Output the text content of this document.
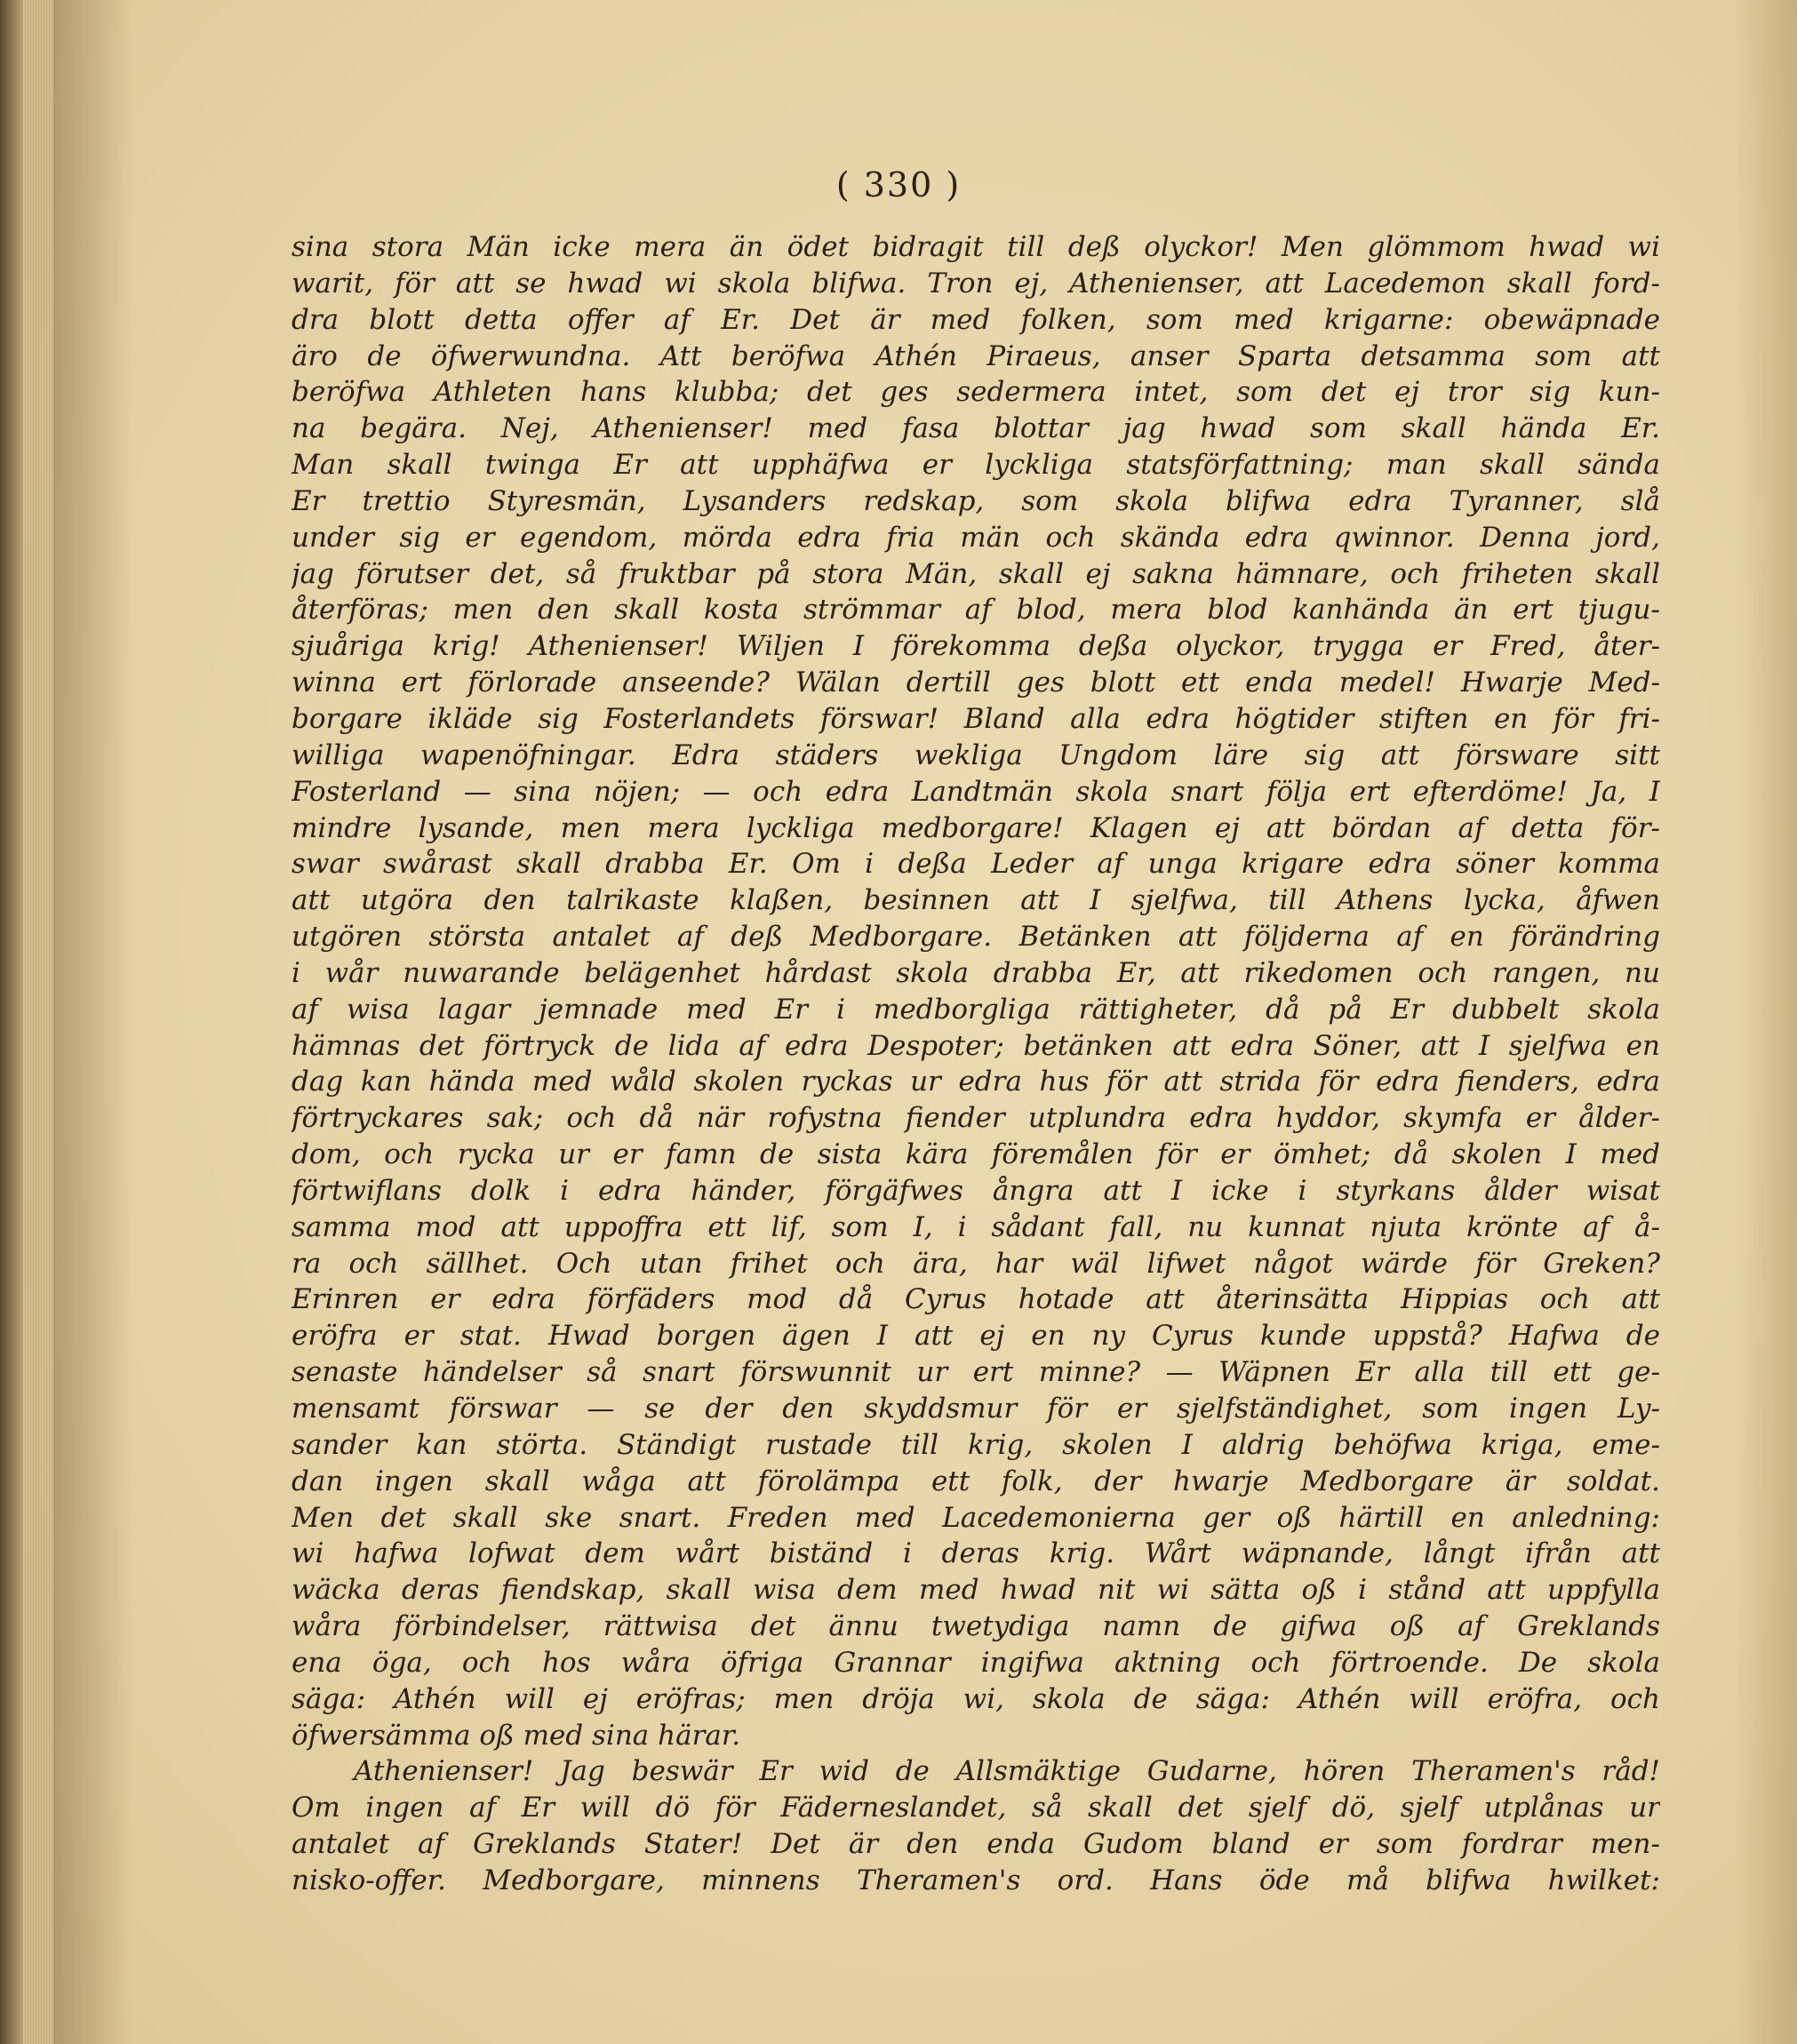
( 330 )
sina stora Män icke mera än ödet bidragit till deß olyckor! Men glömmom hwad wi
warit, för att se hwad wi skola blifwa. Tron ej, Athenienser, att Lacedemon skall ford-
dra blott detta offer af Er. Det är med folken, som med krigarne: obewäpnade
äro de öfwerwundna. Att beröfwa Athén Piraeus, anser Sparta detsamma som att
beröfwa Athleten hans klubba; det ges sedermera intet, som det ej tror sig kun-
na begära. Nej, Athenienser! med fasa blottar jag hwad som skall hända Er.
Man skall twinga Er att upphäfwa er lyckliga statsförfattning; man skall sända
Er trettio Styresmän, Lysanders redskap, som skola blifwa edra Tyranner, slå
under sig er egendom, mörda edra fria män och skända edra qwinnor. Denna jord,
jag förutser det, så fruktbar på stora Män, skall ej sakna hämnare, och friheten skall
återföras; men den skall kosta strömmar af blod, mera blod kanhända än ert tjugu-
sjuåriga krig! Athenienser! Wiljen I förekomma deßa olyckor, trygga er Fred, åter-
winna ert förlorade anseende? Wälan dertill ges blott ett enda medel! Hwarje Med-
borgare ikläde sig Fosterlandets förswar! Bland alla edra högtider stiften en för fri-
williga wapenöfningar. Edra städers wekliga Ungdom läre sig att försware sitt
Fosterland — sina nöjen; — och edra Landtmän skola snart följa ert efterdöme! Ja, I
mindre lysande, men mera lyckliga medborgare! Klagen ej att bördan af detta för-
swar swårast skall drabba Er. Om i deßa Leder af unga krigare edra söner komma
att utgöra den talrikaste klaßen, besinnen att I sjelfwa, till Athens lycka, åfwen
utgören största antalet af deß Medborgare. Betänken att följderna af en förändring
i wår nuwarande belägenhet hårdast skola drabba Er, att rikedomen och rangen, nu
af wisa lagar jemnade med Er i medborgliga rättigheter, då på Er dubbelt skola
hämnas det förtryck de lida af edra Despoter; betänken att edra Söner, att I sjelfwa en
dag kan hända med wåld skolen ryckas ur edra hus för att strida för edra fienders, edra
förtryckares sak; och då när rofystna fiender utplundra edra hyddor, skymfa er ålder-
dom, och rycka ur er famn de sista kära föremålen för er ömhet; då skolen I med
förtwiflans dolk i edra händer, förgäfwes ångra att I icke i styrkans ålder wisat
samma mod att uppoffra ett lif, som I, i sådant fall, nu kunnat njuta krönte af å-
ra och sällhet. Och utan frihet och ära, har wäl lifwet något wärde för Greken?
Erinren er edra förfäders mod då Cyrus hotade att återinsätta Hippias och att
eröfra er stat. Hwad borgen ägen I att ej en ny Cyrus kunde uppstå? Hafwa de
senaste händelser så snart förswunnit ur ert minne? — Wäpnen Er alla till ett ge-
mensamt förswar — se der den skyddsmur för er sjelfständighet, som ingen Ly-
sander kan störta. Ständigt rustade till krig, skolen I aldrig behöfwa kriga, eme-
dan ingen skall wåga att förolämpa ett folk, der hwarje Medborgare är soldat.
Men det skall ske snart. Freden med Lacedemonierna ger oß härtill en anledning:
wi hafwa lofwat dem wårt biständ i deras krig. Wårt wäpnande, långt ifrån att
wäcka deras fiendskap, skall wisa dem med hwad nit wi sätta oß i stånd att uppfylla
wåra förbindelser, rättwisa det ännu twetydiga namn de gifwa oß af Greklands
ena öga, och hos wåra öfriga Grannar ingifwa aktning och förtroende. De skola
säga: Athén will ej eröfras; men dröja wi, skola de säga: Athén will eröfra, och
öfwersämma oß med sina härar.
Athenienser! Jag beswär Er wid de Allsmäktige Gudarne, hören Theramen's råd!
Om ingen af Er will dö för Fäderneslandet, så skall det sjelf dö, sjelf utplånas ur
antalet af Greklands Stater! Det är den enda Gudom bland er som fordrar men-
nisko-offer. Medborgare, minnens Theramen's ord. Hans öde må blifwa hwilket:
